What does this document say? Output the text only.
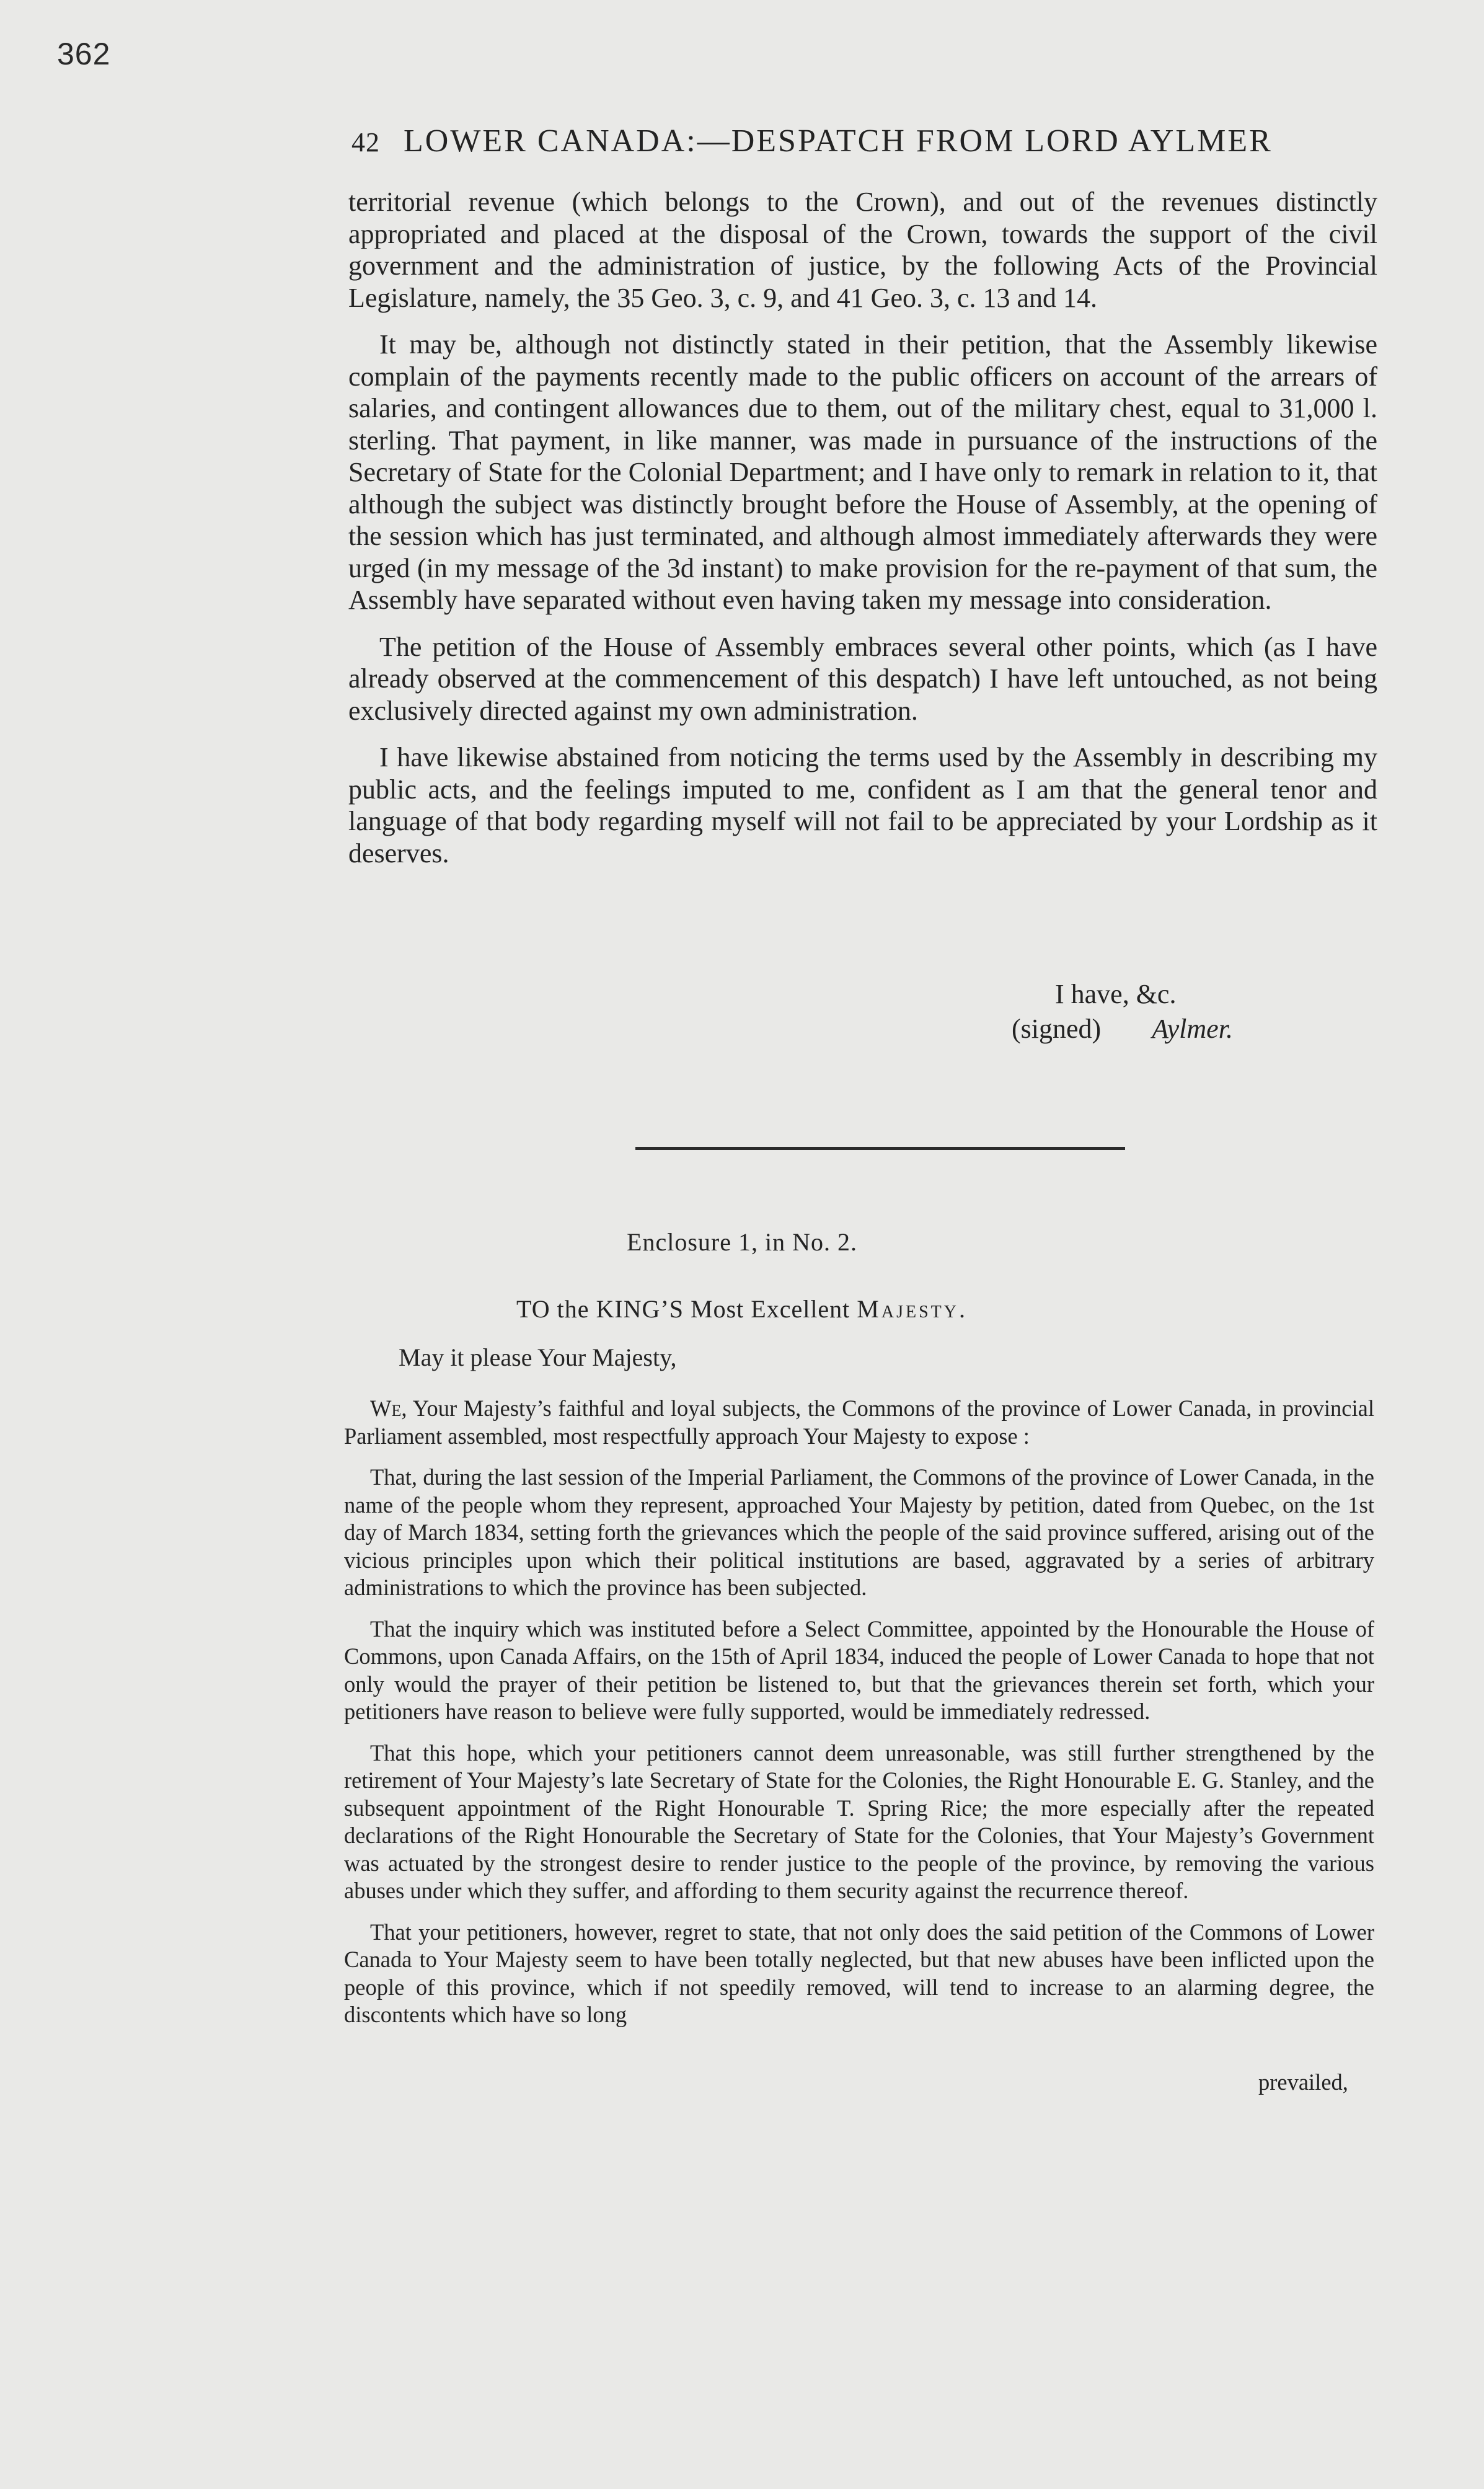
362
42 LOWER CANADA:—DESPATCH FROM LORD AYLMER

territorial revenue (which belongs to the Crown), and out of the revenues distinctly appropriated and placed at the disposal of the Crown, towards the support of the civil government and the administration of justice, by the following Acts of the Provincial Legislature, namely, the 35 Geo. 3, c. 9, and 41 Geo. 3, c. 13 and 14.

It may be, although not distinctly stated in their petition, that the Assembly likewise complain of the payments recently made to the public officers on account of the arrears of salaries, and contingent allowances due to them, out of the military chest, equal to 31,000 l. sterling. That payment, in like manner, was made in pursuance of the instructions of the Secretary of State for the Colonial Department; and I have only to remark in relation to it, that although the subject was distinctly brought before the House of Assembly, at the opening of the session which has just terminated, and although almost immediately afterwards they were urged (in my message of the 3d instant) to make provision for the re-payment of that sum, the Assembly have separated without even having taken my message into consideration.

The petition of the House of Assembly embraces several other points, which (as I have already observed at the commencement of this despatch) I have left untouched, as not being exclusively directed against my own administration.

I have likewise abstained from noticing the terms used by the Assembly in describing my public acts, and the feelings imputed to me, confident as I am that the general tenor and language of that body regarding myself will not fail to be appreciated by your Lordship as it deserves.

I have, &c.
(signed) Aylmer.
Enclosure 1, in No. 2.
TO the KING’S Most Excellent Majesty.
May it please Your Majesty,

We, Your Majesty’s faithful and loyal subjects, the Commons of the province of Lower Canada, in provincial Parliament assembled, most respectfully approach Your Majesty to expose :

That, during the last session of the Imperial Parliament, the Commons of the province of Lower Canada, in the name of the people whom they represent, approached Your Majesty by petition, dated from Quebec, on the 1st day of March 1834, setting forth the grievances which the people of the said province suffered, arising out of the vicious principles upon which their political institutions are based, aggravated by a series of arbitrary administrations to which the province has been subjected.

That the inquiry which was instituted before a Select Committee, appointed by the Honourable the House of Commons, upon Canada Affairs, on the 15th of April 1834, induced the people of Lower Canada to hope that not only would the prayer of their petition be listened to, but that the grievances therein set forth, which your petitioners have reason to believe were fully supported, would be immediately redressed.

That this hope, which your petitioners cannot deem unreasonable, was still further strengthened by the retirement of Your Majesty’s late Secretary of State for the Colonies, the Right Honourable E. G. Stanley, and the subsequent appointment of the Right Honourable T. Spring Rice; the more especially after the repeated declarations of the Right Honourable the Secretary of State for the Colonies, that Your Majesty’s Government was actuated by the strongest desire to render justice to the people of the province, by removing the various abuses under which they suffer, and affording to them security against the recurrence thereof.

That your petitioners, however, regret to state, that not only does the said petition of the Commons of Lower Canada to Your Majesty seem to have been totally neglected, but that new abuses have been inflicted upon the people of this province, which if not speedily removed, will tend to increase to an alarming degree, the discontents which have so long

prevailed,
